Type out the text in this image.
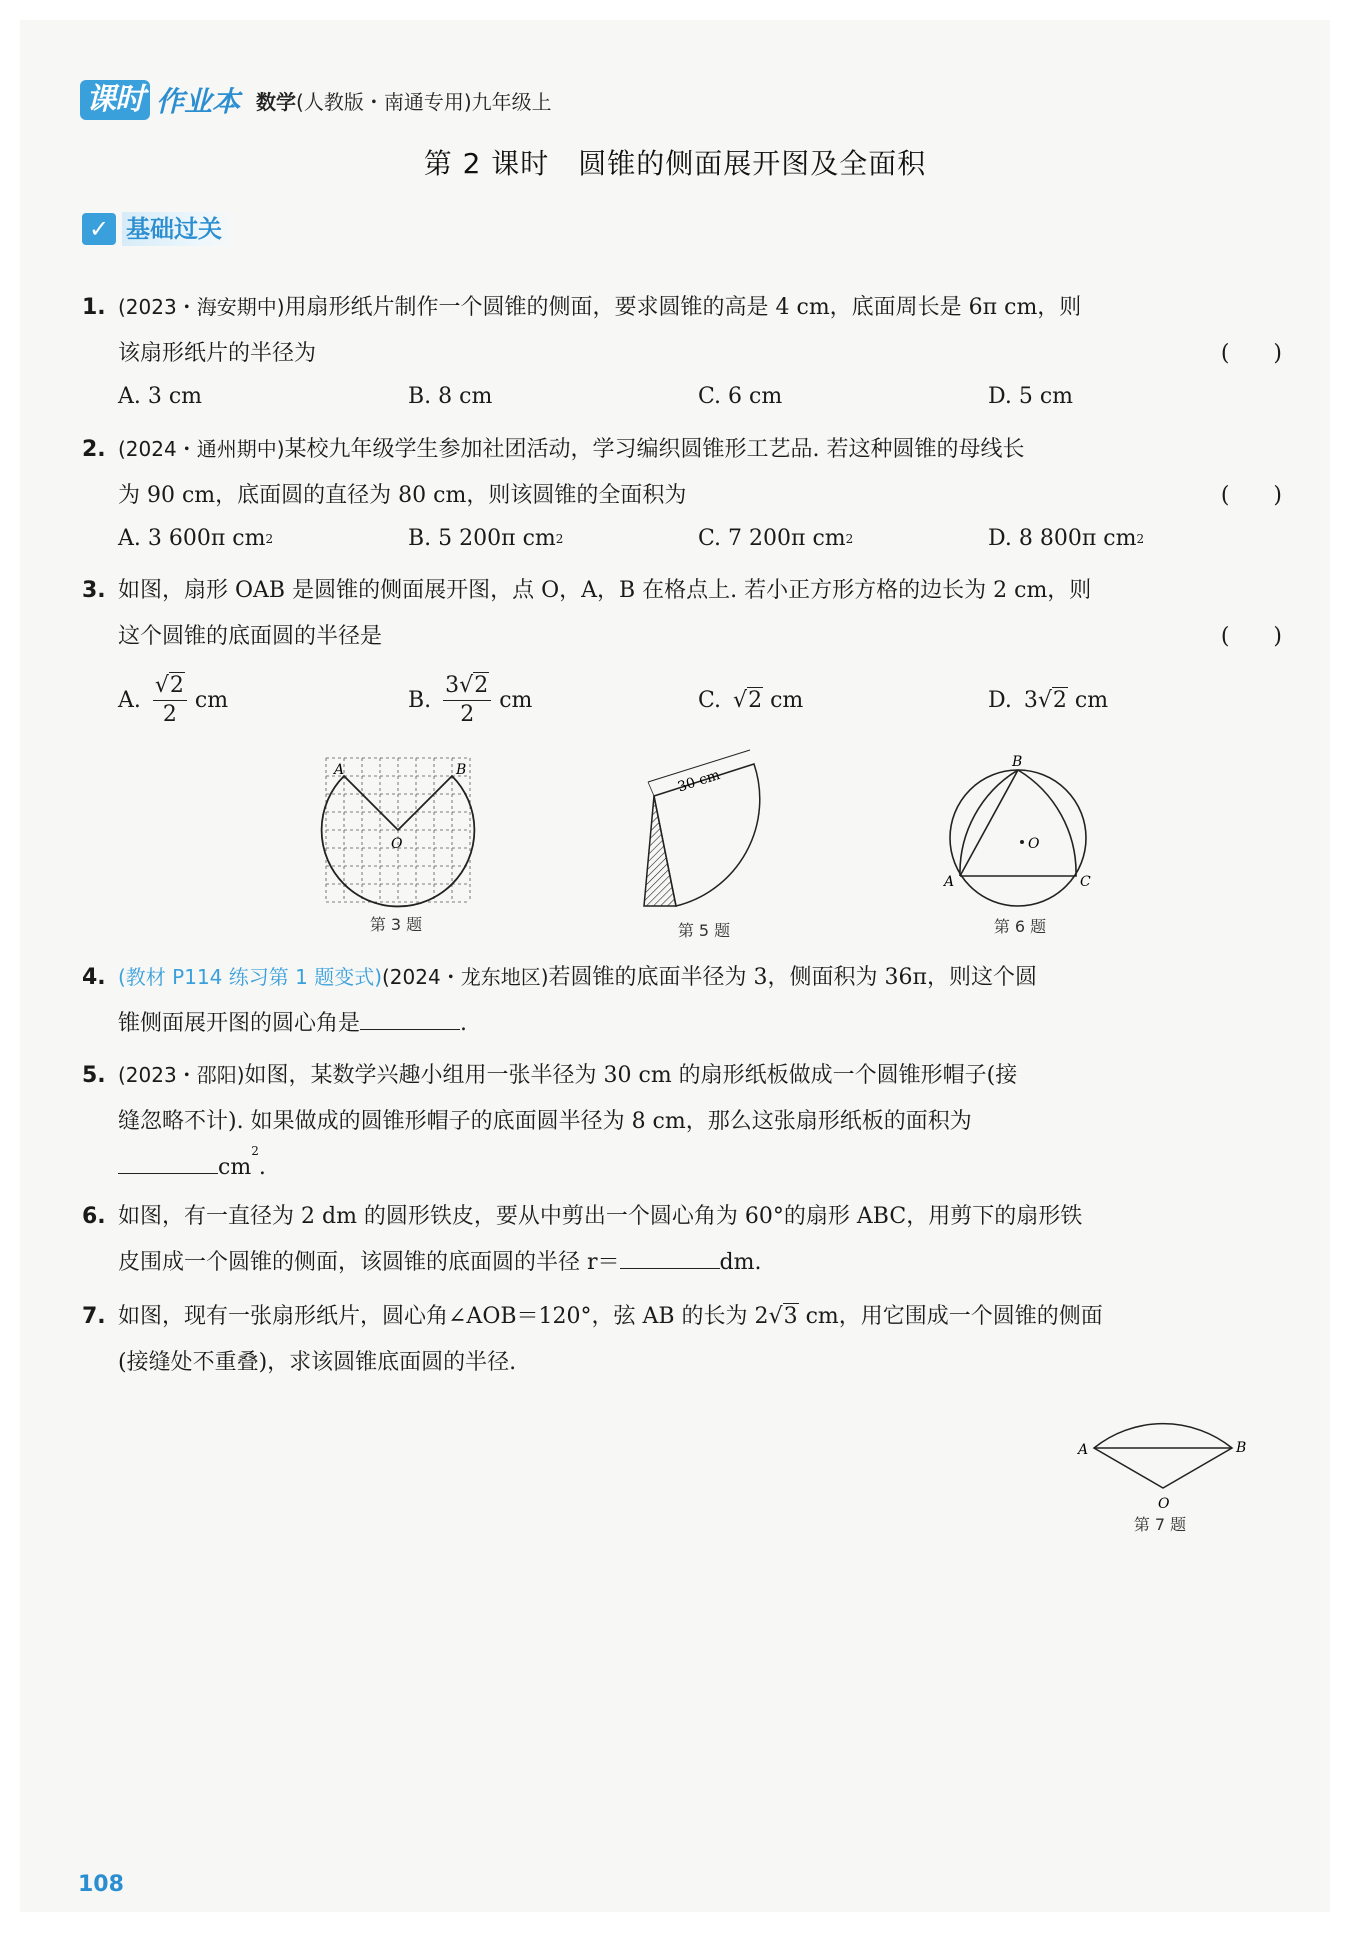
课时 作业本 数学(人教版・南通专用)九年级上
第 2 课时　圆锥的侧面展开图及全面积
✓ 基础过关
1. (2023・海安期中)用扇形纸片制作一个圆锥的侧面，要求圆锥的高是 4 cm，底面周长是 6π cm，则
该扇形纸片的半径为	(　　)
A. 3 cm	B. 8 cm	C. 6 cm	D. 5 cm
2. (2024・通州期中)某校九年级学生参加社团活动，学习编织圆锥形工艺品. 若这种圆锥的母线长
为 90 cm，底面圆的直径为 80 cm，则该圆锥的全面积为	(　　)
A. 3 600π cm 2	B. 5 200π cm 2	C. 7 200π cm 2	D. 8 800π cm 2
3. 如图，扇形 OAB 是圆锥的侧面展开图，点 O，A，B 在格点上. 若小正方形方格的边长为 2 cm，则
这个圆锥的底面圆的半径是	(　　)
A. $\frac{√2}{2}$ cm	B. $\frac{3√2}{2}$ cm	C. √2 cm	D. 3√2 cm
A	B
O
第 3 题
30 cm
第 5 题
O
B
A	C
第 6 题
4. (教材 P114 练习第 1 题变式)(2024・龙东地区)若圆锥的底面半径为 3，侧面积为 36π，则这个圆
锥侧面展开图的圆心角是	.
5. (2023・邵阳)如图，某数学兴趣小组用一张半径为 30 cm 的扇形纸板做成一个圆锥形帽子(接
缝忽略不计). 如果做成的圆锥形帽子的底面圆半径为 8 cm，那么这张扇形纸板的面积为
$cm^2$.
6. 如图，有一直径为 2 dm 的圆形铁皮，要从中剪出一个圆心角为 60°的扇形 ABC，用剪下的扇形铁
皮围成一个圆锥的侧面，该圆锥的底面圆的半径 r＝	dm.
7. 如图，现有一张扇形纸片，圆心角∠AOB＝120°，弦 AB 的长为 2√3 cm，用它围成一个圆锥的侧面
(接缝处不重叠)，求该圆锥底面圆的半径.
A	B
O
第 7 题
108
